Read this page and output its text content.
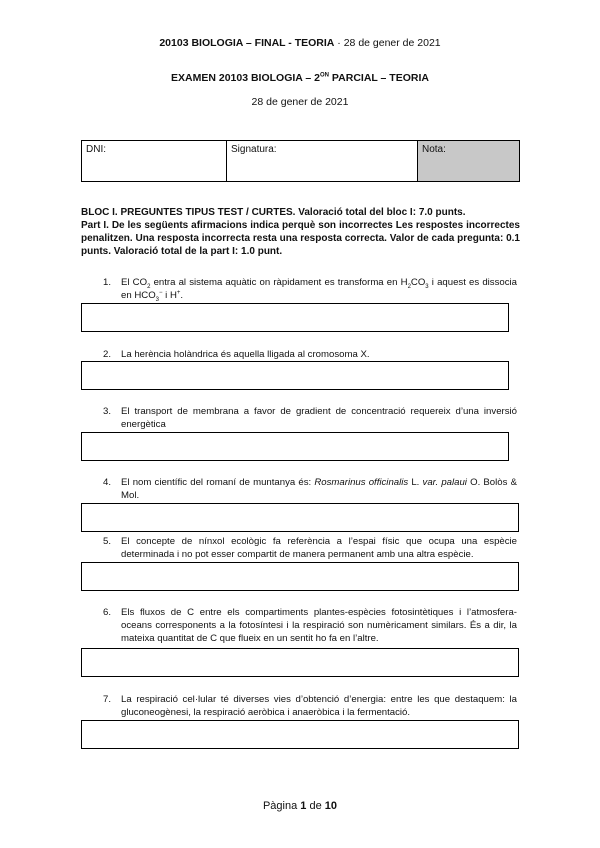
20103 BIOLOGIA – FINAL - TEORIA · 28 de gener de 2021
EXAMEN 20103 BIOLOGIA – $2^{ON}$ PARCIAL – TEORIA
28 de gener de 2021
DNI:	Signatura:	Nota:
BLOC I. PREGUNTES TIPUS TEST / CURTES. Valoració total del bloc I: 7.0 punts.
Part I. De les següents afirmacions indica perquè son incorrectes Les respostes incorrectes penalitzen. Una resposta incorrecta resta una resposta correcta. Valor de cada pregunta: 0.1 punts. Valoració total de la part I: 1.0 punt.
1. El $CO_2$ entra al sistema aquàtic on ràpidament es transforma en $H_2CO_3$ i aquest es dissocia en $HCO_3^-$ i H+.
2. La herència holàndrica és aquella lligada al cromosoma X.
3. El transport de membrana a favor de gradient de concentració requereix d’una inversió energètica
4. El nom científic del romaní de muntanya és: Rosmarinus officinalis L. var. palaui O. Bolòs & Mol.
5. El concepte de nínxol ecològic fa referència a l’espai físic que ocupa una espècie determinada i no pot esser compartit de manera permanent amb una altra espècie.
6. Els fluxos de C entre els compartiments plantes-espècies fotosintètiques i l’atmosfera-oceans corresponents a la fotosíntesi i la respiració son numèricament similars. És a dir, la mateixa quantitat de C que flueix en un sentit ho fa en l’altre.
7. La respiració cel·lular té diverses vies d’obtenció d’energia: entre les que destaquem: la gluconeogènesi, la respiració aeròbica i anaeròbica i la fermentació.
Pàgina 1 de 10
